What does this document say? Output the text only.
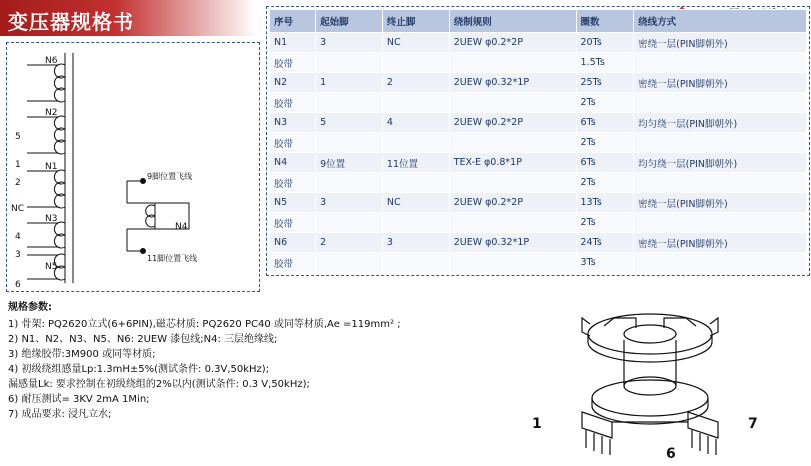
变压器规格书
N6
N2
N1
N3
N5
1
2
NC
5
4
3
6
N4
9脚位置飞线
11脚位置飞线
序号	起始脚	终止脚	绕制规则	圈数	绕线方式
N1	3	NC	2UEW φ0.2*2P	20Ts	密绕一层(PIN脚朝外)
胶带				1.5Ts	
N2	1	2	2UEW φ0.32*1P	25Ts	密绕一层(PIN脚朝外)
胶带				2Ts	
N3	5	4	2UEW φ0.2*2P	6Ts	均匀绕一层(PIN脚朝外)
胶带				2Ts	
N4	9位置	11位置	TEX-E φ0.8*1P	6Ts	均匀绕一层(PIN脚朝外)
胶带				2Ts	
N5	3	NC	2UEW φ0.2*2P	13Ts	密绕一层(PIN脚朝外)
胶带				2Ts	
N6	2	3	2UEW φ0.32*1P	24Ts	密绕一层(PIN脚朝外)
胶带				3Ts	
规格参数:
1) 骨架: PQ2620立式(6+6PIN),磁芯材质: PQ2620 PC40 或同等材质,Ae =119mm² ;
2) N1、N2、N3、N5、N6: 2UEW 漆包线;N4: 三层绝缘线;
3) 绝缘胶带:3M900 或同等材质;
4) 初级绕组感量Lp:1.3mH±5%(测试条件: 0.3V,50kHz);
漏感量Lk: 要求控制在初级绕组的2%以内(测试条件: 0.3 V,50kHz);
6) 耐压测试= 3KV 2mA 1Min;
7) 成品要求: 浸凡立水;
1	7
6
